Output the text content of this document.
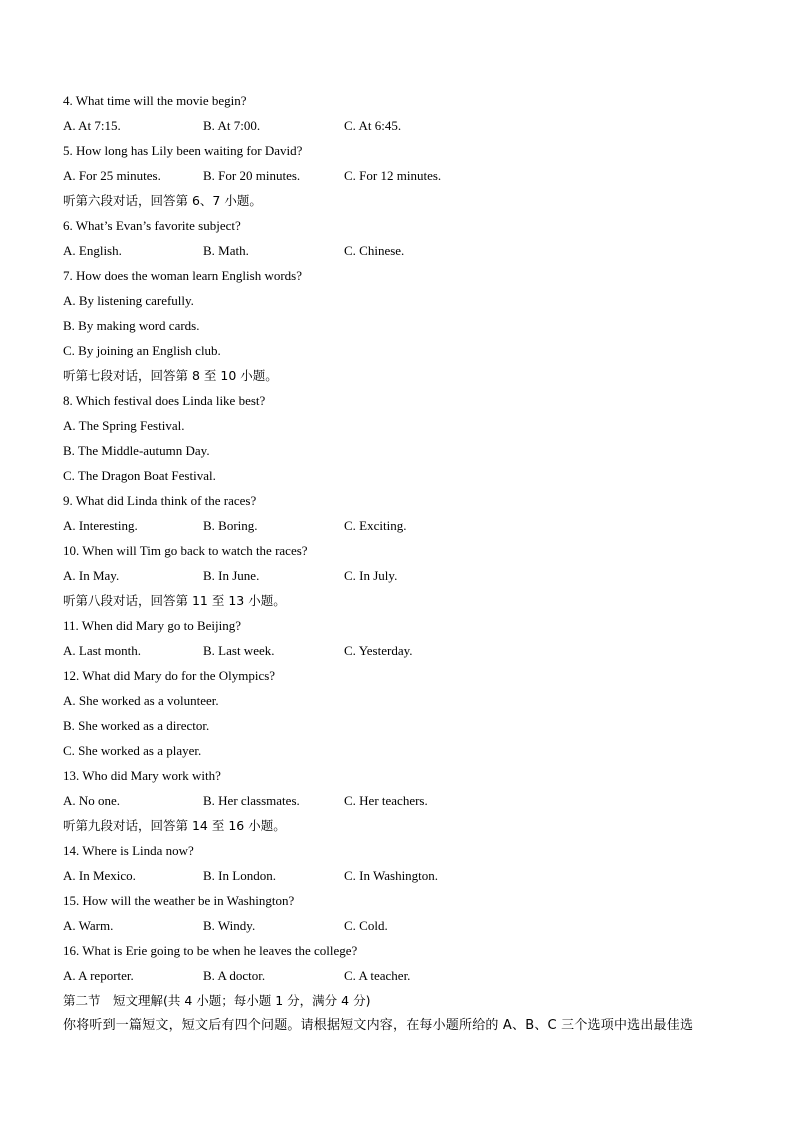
4. What time will the movie begin?
A. At 7:15.	B. At 7:00.	C. At 6:45.
5. How long has Lily been waiting for David?
A. For 25 minutes.	B. For 20 minutes.	C. For 12 minutes.
听第六段对话，回答第 6、7 小题。
6. What’s Evan’s favorite subject?
A. English.	B. Math.	C. Chinese.
7. How does the woman learn English words?
A. By listening carefully.
B. By making word cards.
C. By joining an English club.
听第七段对话，回答第 8 至 10 小题。
8. Which festival does Linda like best?
A. The Spring Festival.
B. The Middle-autumn Day.
C. The Dragon Boat Festival.
9. What did Linda think of the races?
A. Interesting.	B. Boring.	C. Exciting.
10. When will Tim go back to watch the races?
A. In May.	B. In June.	C. In July.
听第八段对话，回答第 11 至 13 小题。
11. When did Mary go to Beijing?
A. Last month.	B. Last week.	C. Yesterday.
12. What did Mary do for the Olympics?
A. She worked as a volunteer.
B. She worked as a director.
C. She worked as a player.
13. Who did Mary work with?
A. No one.	B. Her classmates.	C. Her teachers.
听第九段对话，回答第 14 至 16 小题。
14. Where is Linda now?
A. In Mexico.	B. In London.	C. In Washington.
15. How will the weather be in Washington?
A. Warm.	B. Windy.	C. Cold.
16. What is Erie going to be when he leaves the college?
A. A reporter.	B. A doctor.	C. A teacher.
第二节　短文理解(共 4 小题；每小题 1 分，满分 4 分)
你将听到一篇短文，短文后有四个问题。请根据短文内容，在每小题所给的 A、B、C 三个选项中选出最佳选
